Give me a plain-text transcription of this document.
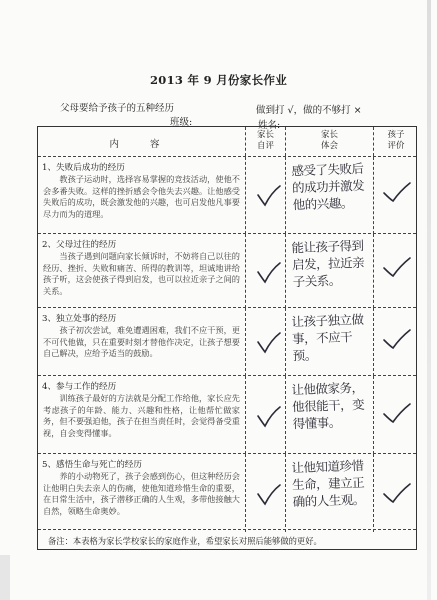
2013 年 9 月份家长作业
父母要给予孩子的五种经历
班级:
做到打 √，做的不够打 ×
姓名:
内 容
家长
自评
家长
体会
孩子
评价
1、失败后成功的经历
教孩子运动时，选择容易掌握的竞技活动，使他不会多番失败。这样的挫折感会令他失去兴趣。让他感受失败后的成功，既会激发他的兴趣，也可启发他凡事要尽力而为的道理。
感受了失败后的成功并激发他的兴趣。
2、父母过往的经历
当孩子遇到问题向家长倾诉时，不妨将自己以往的经历、挫折、失败和痛苦、所得的教训等，坦诚地讲给孩子听，这会使孩子得到启发，也可以拉近亲子之间的关系。
能让孩子得到启发，拉近亲子关系。
3、独立处事的经历
孩子初次尝试，难免遭遇困难，我们不应干预，更不可代他做，只在重要时刻才替他作决定，让孩子想要自己解决，应给予适当的鼓励。
让孩子独立做事，不应干预。
4、参与工作的经历
训练孩子最好的方法就是分配工作给他，家长应先考虑孩子的年龄、能力、兴趣和性格，让他帮忙做家务，但不要强迫他，孩子在担当责任时，会觉得备受重视，自会变得懂事。
让他做家务，他很能干，变得懂事。
5、感悟生命与死亡的经历
养的小动物死了，孩子会感到伤心，但这种经历会让他明白失去亲人的伤痛，使他知道珍惜生命的重要，在日常生活中，孩子潜移正确的人生观，多带他接触大自然，领略生命奥妙。
让他知道珍惜生命，建立正确的人生观。
备注：本表格为家长学校家长的家庭作业，希望家长对照后能够做的更好。
